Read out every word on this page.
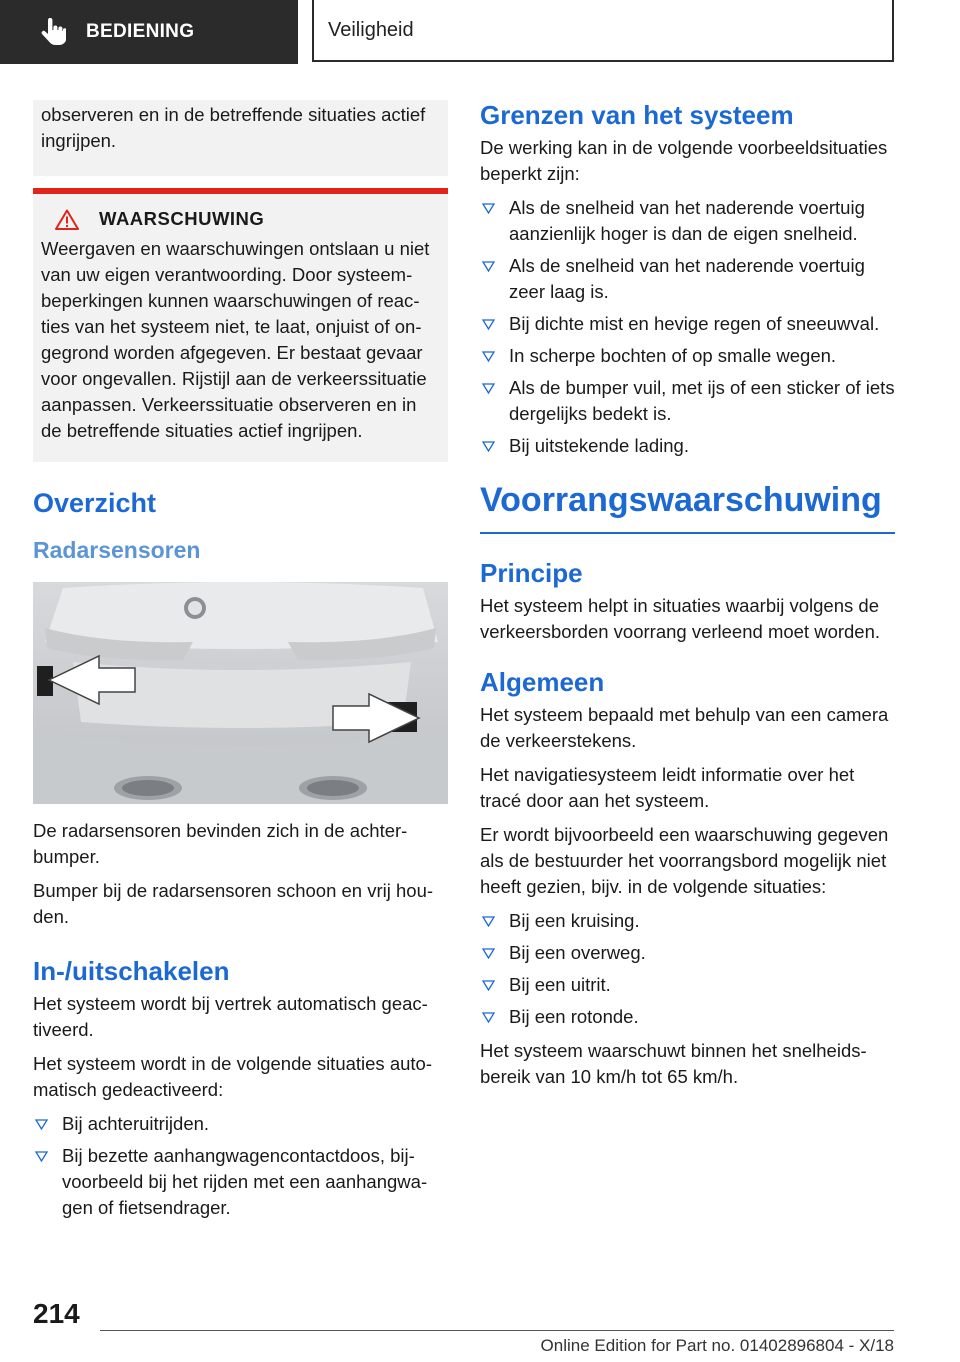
BEDIENING	Veiligheid

observeren en in de betreffende situaties actief ingrijpen.

WAARSCHUWING

Weergaven en waarschuwingen ontslaan u niet van uw eigen verantwoording. Door systeembeperkingen kunnen waarschuwingen of reacties van het systeem niet, te laat, onjuist of ongegrond worden afgegeven. Er bestaat gevaar voor ongevallen. Rijstijl aan de verkeerssituatie aanpassen. Verkeerssituatie observeren en in de betreffende situaties actief ingrijpen.

Overzicht
Radarsensoren

De radarsensoren bevinden zich in de achterbumper.

Bumper bij de radarsensoren schoon en vrij houden.

In-/uitschakelen

Het systeem wordt bij vertrek automatisch geactiveerd.

Het systeem wordt in de volgende situaties automatisch gedeactiveerd:

Bij achteruitrijden.
Bij bezette aanhangwagencontactdoos, bijvoorbeeld bij het rijden met een aanhangwagen of fietsendrager.
Grenzen van het systeem

De werking kan in de volgende voorbeeldsituaties beperkt zijn:

Als de snelheid van het naderende voertuig aanzienlijk hoger is dan de eigen snelheid.
Als de snelheid van het naderende voertuig zeer laag is.
Bij dichte mist en hevige regen of sneeuwval.
In scherpe bochten of op smalle wegen.
Als de bumper vuil, met ijs of een sticker of iets dergelijks bedekt is.
Bij uitstekende lading.
Voorrangswaarschuwing
Principe

Het systeem helpt in situaties waarbij volgens de verkeersborden voorrang verleend moet worden.

Algemeen

Het systeem bepaald met behulp van een camera de verkeerstekens.

Het navigatiesysteem leidt informatie over het tracé door aan het systeem.

Er wordt bijvoorbeeld een waarschuwing gegeven als de bestuurder het voorrangsbord mogelijk niet heeft gezien, bijv. in de volgende situaties:

Bij een kruising.
Bij een overweg.
Bij een uitrit.
Bij een rotonde.

Het systeem waarschuwt binnen het snelheidsbereik van 10 km/h tot 65 km/h.

214
Online Edition for Part no. 01402896804 - X/18
